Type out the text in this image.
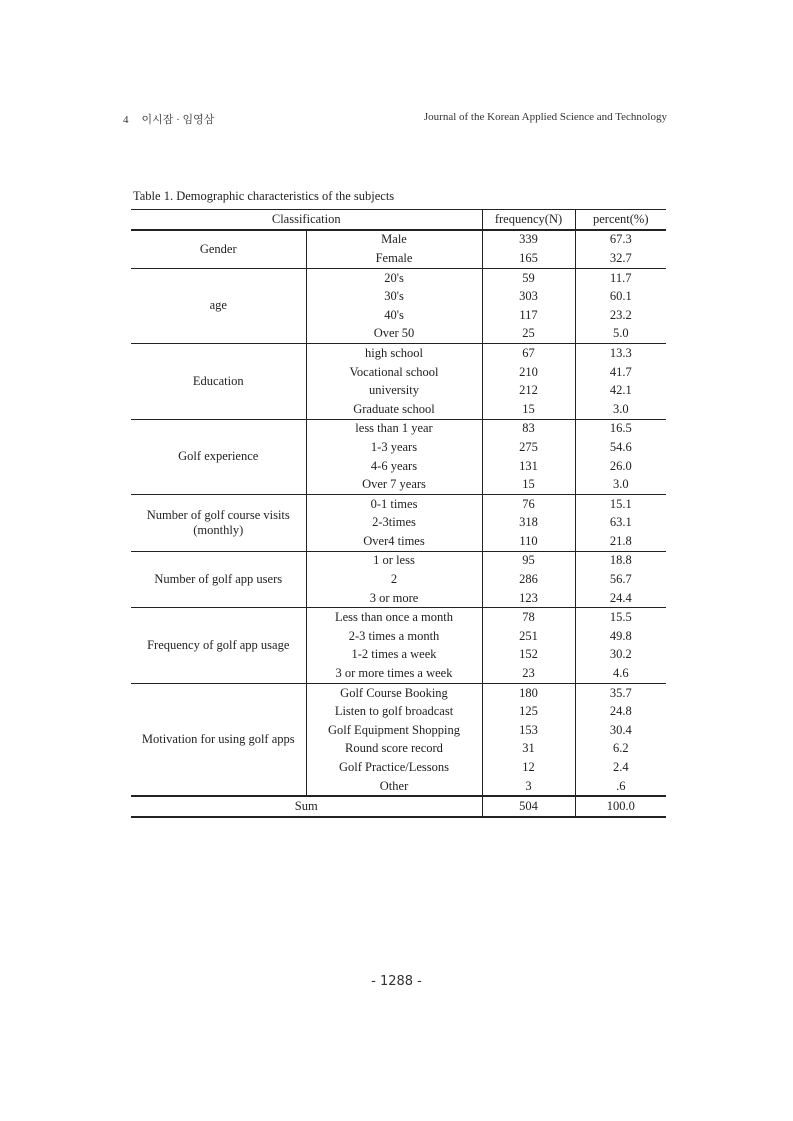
4 이시잠 · 임영삼	Journal of the Korean Applied Science and Technology
Table 1. Demographic characteristics of the subjects
Classification		frequency(N)	percent(%)
Gender	Male	339	67.3
	Female	165	32.7
age	20's	59	11.7
	30's	303	60.1
	40's	117	23.2
	Over 50	25	5.0
Education	high school	67	13.3
	Vocational school	210	41.7
	university	212	42.1
	Graduate school	15	3.0
Golf experience	less than 1 year	83	16.5
	1-3 years	275	54.6
	4-6 years	131	26.0
	Over 7 years	15	3.0
Number of golf course visits (monthly)	0-1 times	76	15.1
	2-3times	318	63.1
	Over4 times	110	21.8
Number of golf app users	1 or less	95	18.8
	2	286	56.7
	3 or more	123	24.4
Frequency of golf app usage	Less than once a month	78	15.5
	2-3 times a month	251	49.8
	1-2 times a week	152	30.2
	3 or more times a week	23	4.6
Motivation for using golf apps	Golf Course Booking	180	35.7
	Listen to golf broadcast	125	24.8
	Golf Equipment Shopping	153	30.4
	Round score record	31	6.2
	Golf Practice/Lessons	12	2.4
	Other	3	.6
Sum		504	100.0
- 1288 -
